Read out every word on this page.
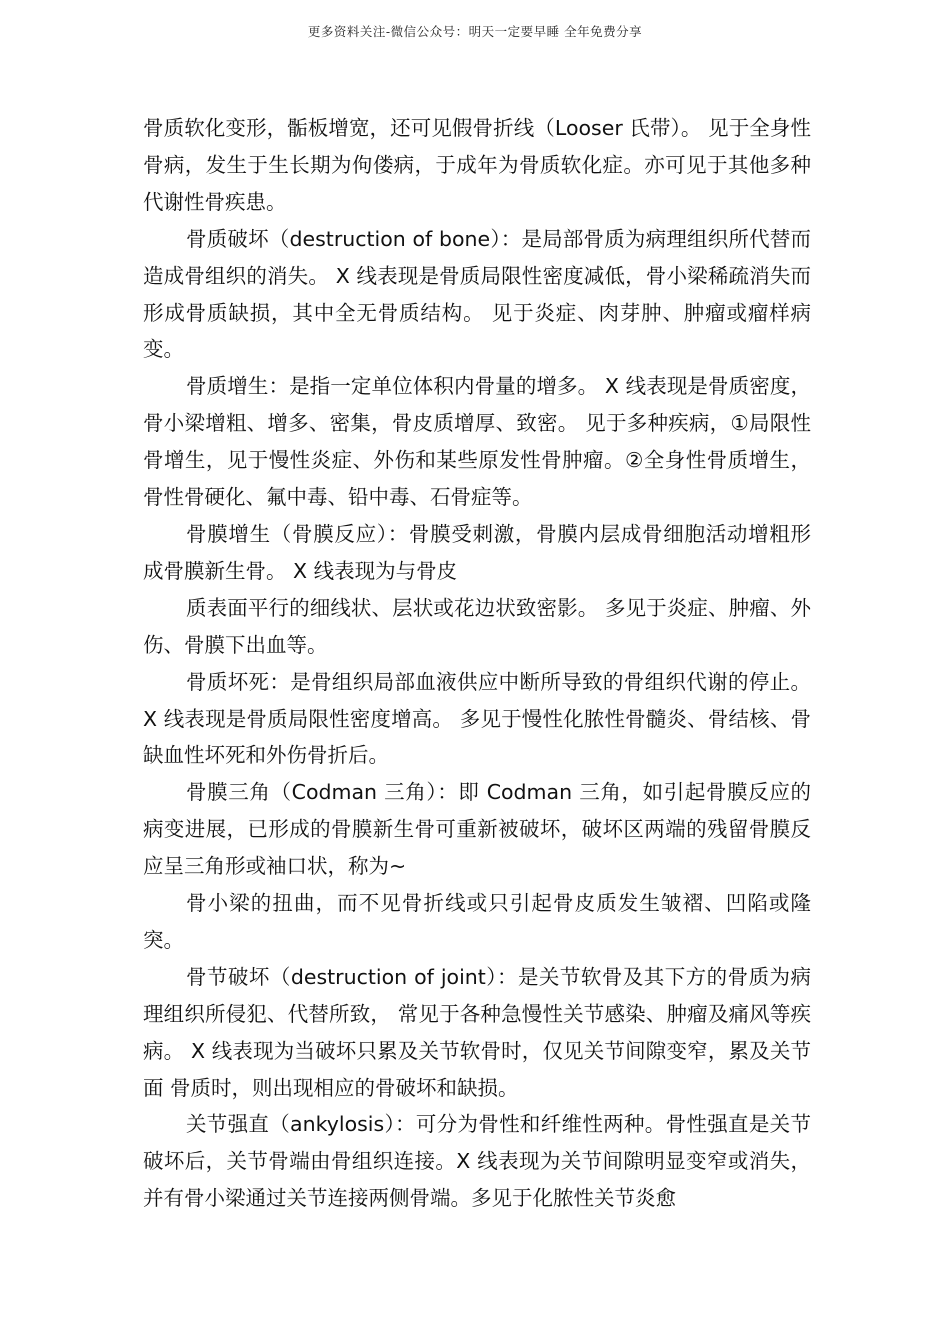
更多资料关注-微信公众号：明天一定要早睡 全年免费分享

骨质软化变形，骺板增宽，还可见假骨折线（Looser 氏带）。 见于全身性骨病，发生于生长期为佝偻病，于成年为骨质软化症。亦可见于其他多种代谢性骨疾患。

骨质破坏（destruction of bone）：是局部骨质为病理组织所代替而造成骨组织的消失。 X 线表现是骨质局限性密度减低，骨小梁稀疏消失而形成骨质缺损，其中全无骨质结构。 见于炎症、肉芽肿、肿瘤或瘤样病变。

骨质增生：是指一定单位体积内骨量的增多。 X 线表现是骨质密度，骨小梁增粗、增多、密集，骨皮质增厚、致密。 见于多种疾病，①局限性骨增生，见于慢性炎症、外伤和某些原发性骨肿瘤。②全身性骨质增生，骨性骨硬化、氟中毒、铅中毒、石骨症等。

骨膜增生（骨膜反应）：骨膜受刺激，骨膜内层成骨细胞活动增粗形成骨膜新生骨。 X 线表现为与骨皮

质表面平行的细线状、层状或花边状致密影。 多见于炎症、肿瘤、外伤、骨膜下出血等。

骨质坏死：是骨组织局部血液供应中断所导致的骨组织代谢的停止。 X 线表现是骨质局限性密度增高。 多见于慢性化脓性骨髓炎、骨结核、骨缺血性坏死和外伤骨折后。

骨膜三角（Codman 三角）：即 Codman 三角，如引起骨膜反应的病变进展，已形成的骨膜新生骨可重新被破坏，破坏区两端的残留骨膜反应呈三角形或袖口状，称为~

骨小梁的扭曲，而不见骨折线或只引起骨皮质发生皱褶、凹陷或隆突。

骨节破坏（destruction of joint）：是关节软骨及其下方的骨质为病理组织所侵犯、代替所致， 常见于各种急慢性关节感染、肿瘤及痛风等疾病。 X 线表现为当破坏只累及关节软骨时，仅见关节间隙变窄，累及关节面 骨质时，则出现相应的骨破坏和缺损。

关节强直（ankylosis）：可分为骨性和纤维性两种。骨性强直是关节破坏后，关节骨端由骨组织连接。X 线表现为关节间隙明显变窄或消失，并有骨小梁通过关节连接两侧骨端。多见于化脓性关节炎愈
